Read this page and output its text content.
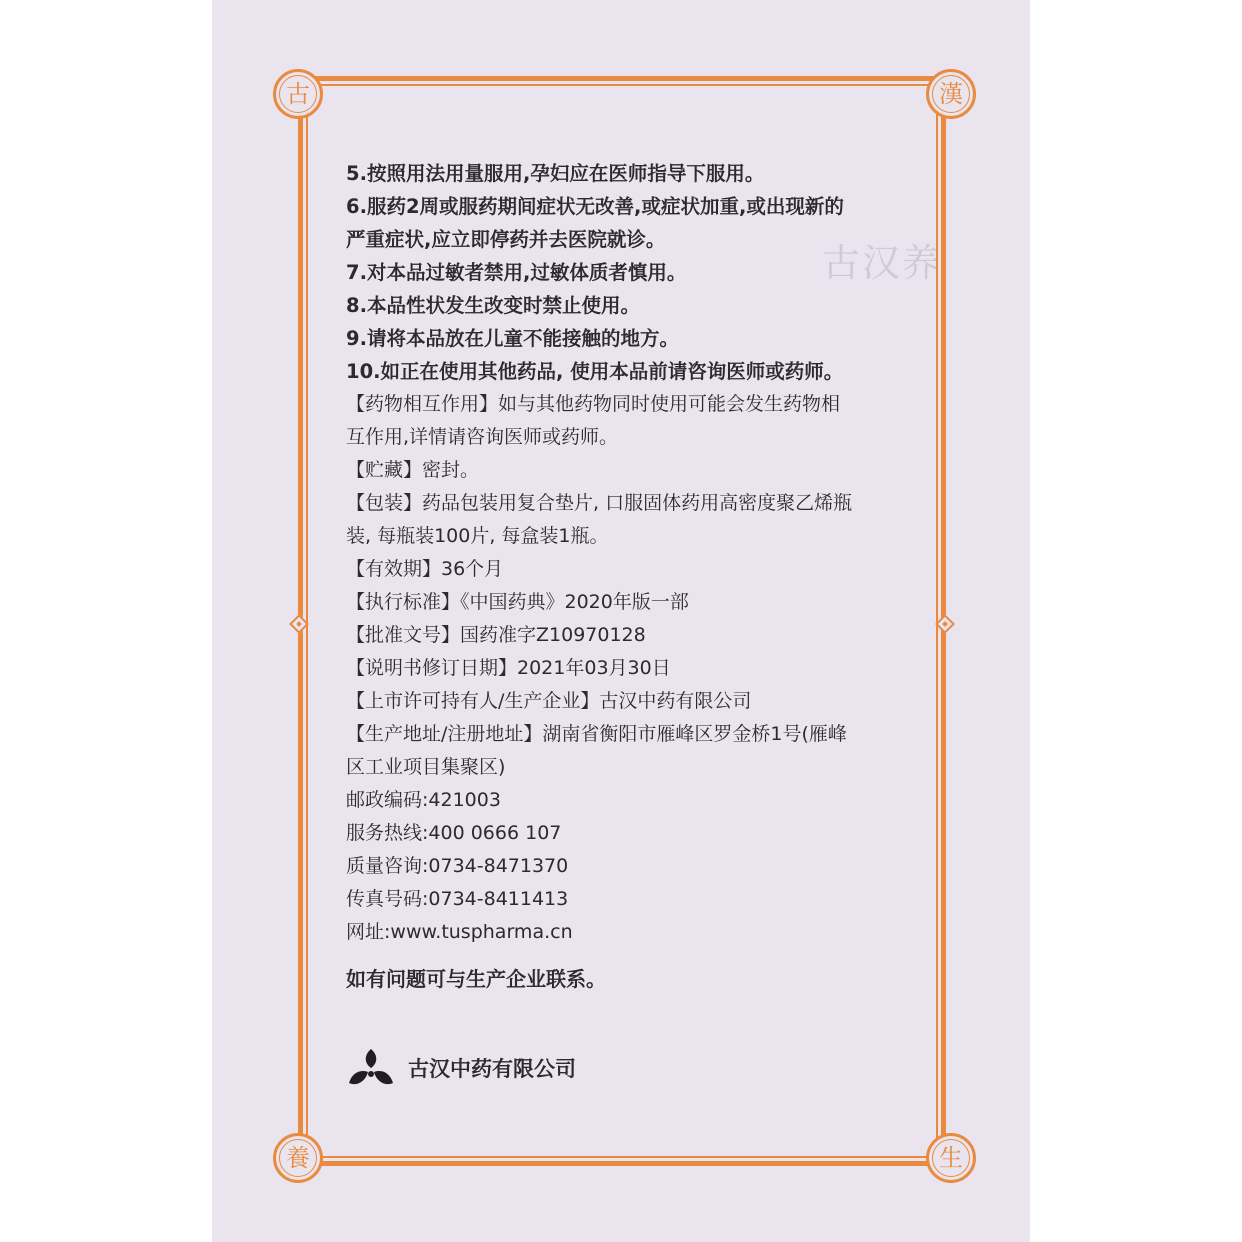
古汉养
古	漢
養	生
5.按照用法用量服用,孕妇应在医师指导下服用。
6.服药2周或服药期间症状无改善,或症状加重,或出现新的
严重症状,应立即停药并去医院就诊。
7.对本品过敏者禁用,过敏体质者慎用。
8.本品性状发生改变时禁止使用。
9.请将本品放在儿童不能接触的地方。
10.如正在使用其他药品, 使用本品前请咨询医师或药师。
【药物相互作用】如与其他药物同时使用可能会发生药物相
互作用,详情请咨询医师或药师。
【贮藏】密封。
【包装】药品包装用复合垫片, 口服固体药用高密度聚乙烯瓶
装, 每瓶装100片, 每盒装1瓶。
【有效期】36个月
【执行标准】《中国药典》2020年版一部
【批准文号】国药准字Z10970128
【说明书修订日期】2021年03月30日
【上市许可持有人/生产企业】古汉中药有限公司
【生产地址/注册地址】湖南省衡阳市雁峰区罗金桥1号(雁峰
区工业项目集聚区)
邮政编码:421003
服务热线:400 0666 107
质量咨询:0734-8471370
传真号码:0734-8411413
网址:www.tuspharma.cn
如有问题可与生产企业联系。
古汉中药有限公司
